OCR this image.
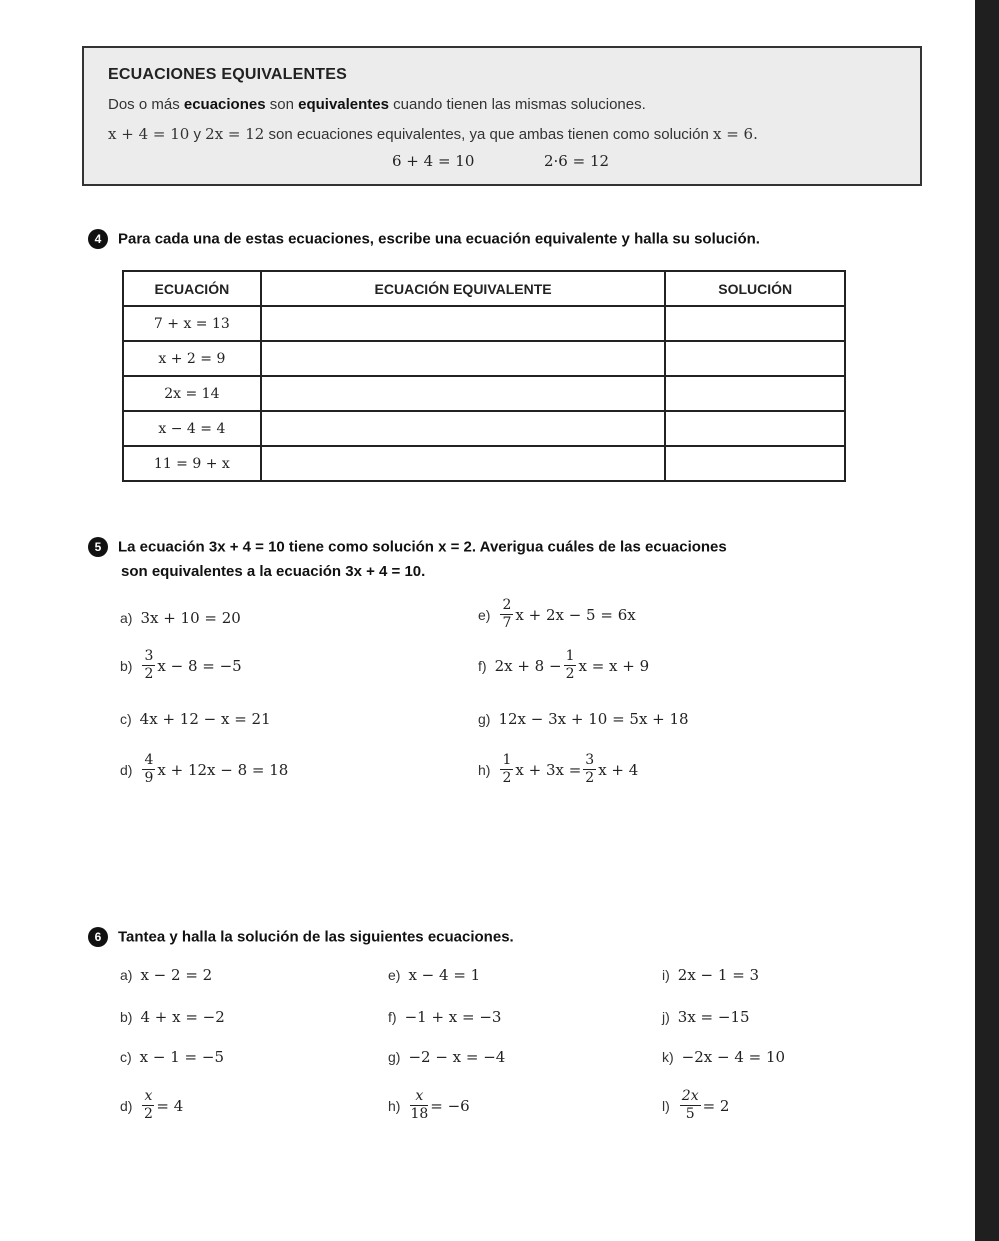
ECUACIONES EQUIVALENTES
Dos o más ecuaciones son equivalentes cuando tienen las mismas soluciones.
x + 4 = 10 y 2x = 12 son ecuaciones equivalentes, ya que ambas tienen como solución x = 6.
6 + 4 = 10	2·6 = 12
4 Para cada una de estas ecuaciones, escribe una ecuación equivalente y halla su solución.
ECUACIÓN	ECUACIÓN EQUIVALENTE	SOLUCIÓN
7 + x = 13		
x + 2 = 9		
2x = 14		
x − 4 = 4		
11 = 9 + x		
5 La ecuación 3x + 4 = 10 tiene como solución x = 2. Averigua cuáles de las ecuaciones
son equivalentes a la ecuación 3x + 4 = 10.
a) 3x + 10 = 20
$b) \frac{3}{2}$ x − 8 = −5
c) 4x + 12 − x = 21
$d) \frac{4}{9}$ x + 12x − 8 = 18
$e) \frac{2}{7}$ x + 2x − 5 = 6x
f) $2x + 8 - \frac{1}{2}$ x = x + 9
g) 12x − 3x + 10 = 5x + 18
$h) \frac{1}{2}$ $x + 3x = \frac{3}{2}$ x + 4
6 Tantea y halla la solución de las siguientes ecuaciones.
a) x − 2 = 2
b) 4 + x = −2
c) x − 1 = −5
$d) \frac{x}{2} = 4$
e) x − 4 = 1
f) −1 + x = −3
g) −2 − x = −4
$h) \frac{x}{18} = -6$
i) 2x − 1 = 3
j) 3x = −15
k) −2x − 4 = 10
$l) \frac{2x}{5} = 2$
